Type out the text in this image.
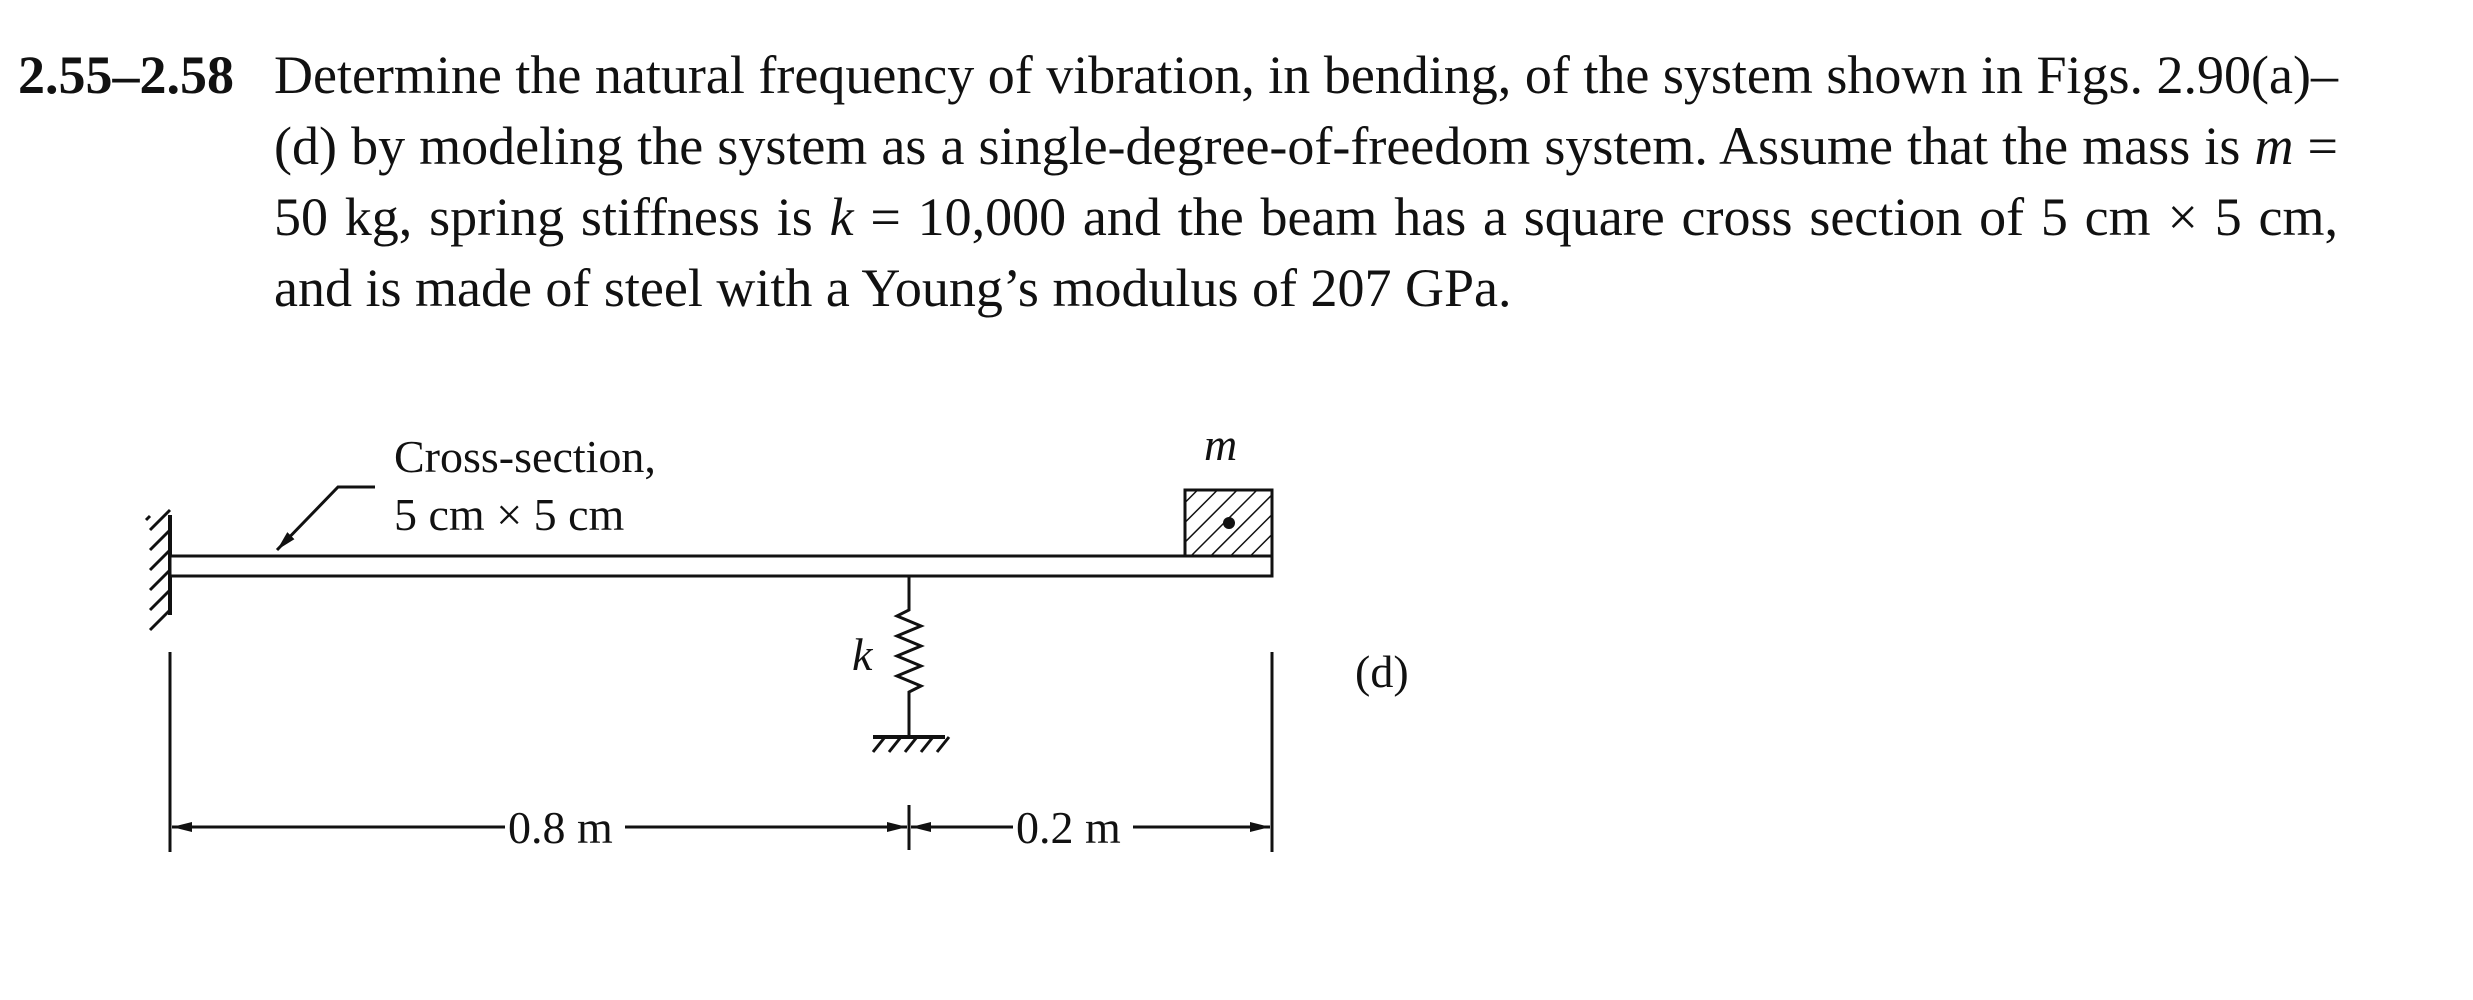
2.55–2.58 Determine the natural frequency of vibration, in bending, of the system shown in Figs. 2.90(a)–(d) by modeling the system as a single-degree-of-freedom system. Assume that the mass is m = 50 kg, spring stiffness is k = 10,000 and the beam has a square cross section of 5 cm × 5 cm, and is made of steel with a Young’s modulus of 207 GPa.
m
Cross-section,
5 cm × 5 cm
k
0.8 m	0.2 m
(d)
